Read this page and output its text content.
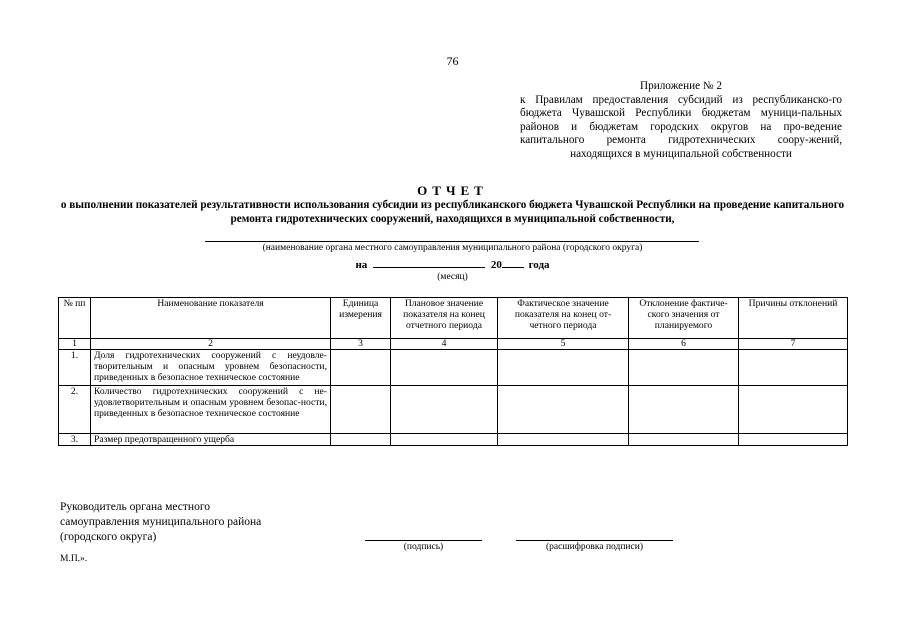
76
Приложение № 2
к Правилам предоставления субсидий из республиканско-го бюджета Чувашской Республики бюджетам муници-пальных районов и бюджетам городских округов на про-ведение капитального ремонта гидротехнических соору-жений, находящихся в муниципальной собственности
ОТЧЕТ
о выполнении показателей результативности использования субсидии из республиканского бюджета Чувашской Республики на проведение капитального ремонта гидротехнических сооружений, находящихся в муниципальной собственности,
(наименование органа местного самоуправления муниципального района (городского округа)
на	20 года
(месяц)
№ пп	Наименование показателя	Единица измерения	Плановое значение показателя на конец отчетного периода	Фактическое значение показателя на конец от-четного периода	Отклонение фактиче-ского значения от планируемого	Причины отклонений
1	2	3	4	5	6	7
1.	Доля гидротехнических сооружений с неудовле-творительным и опасным уровнем безопасности, приведенных в безопасное техническое состояние					
2.	Количество гидротехнических сооружений с не-удовлетворительным и опасным уровнем безопас-ности, приведенных в безопасное техническое состояние					
3.	Размер предотвращенного ущерба					
Руководитель органа местного
самоуправления муниципального района
(городского округа)
(подпись)	(расшифровка подписи)
М.П.».
